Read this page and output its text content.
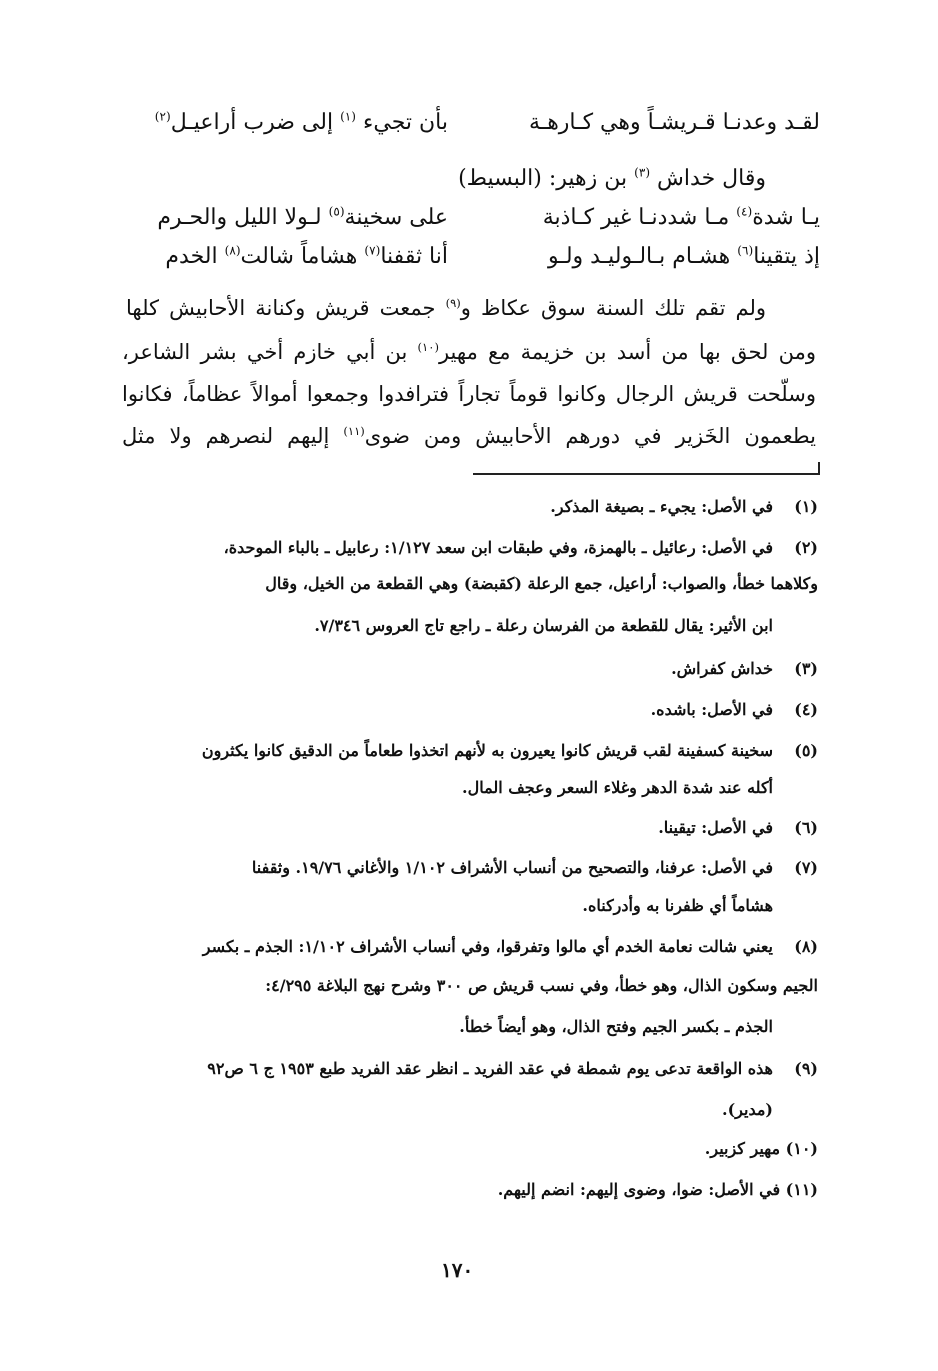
لقـد وعدنـا قـريشـاً وهي كـارهـة
بأن تجيء $^{(١)}$ إلى ضرب أراعيـل$^{(٢)}$
وقال خداش $^{(٣)}$ بن زهير: (البسيط)
يـا شدة$^{(٤)}$ مـا شددنـا غير كـاذبة
على سخينة$^{(٥)}$ لـولا الليل والحـرم
إذ يتقينا$^{(٦)}$ هشـام بـالـوليـد ولـو
أنا ثقفنا$^{(٧)}$ هشاماً شالت$^{(٨)}$ الخدم
ولم تقم تلك السنة سوق عكاظ و$^{(٩)}$ جمعت قريش وكنانة الأحابيش كلها
ومن لحق بها من أسد بن خزيمة مع مهير$^{(١٠)}$ بن أبي خازم أخي بشر الشاعر،
وسلّحت قريش الرجال وكانوا قوماً تجاراً فترافدوا وجمعوا أموالاً عظاماً، فكانوا
يطعمون الخَزير في دورهم الأحابيش ومن ضوى$^{(١١)}$ إليهم لنصرهم ولا مثل
(١)
في الأصل: يجيء ـ بصيغة المذكر.
(٢)
في الأصل: رعائيل ـ بالهمزة، وفي طبقات ابن سعد ١/١٢٧: رعابيل ـ بالباء الموحدة،
وكلاهما خطأ، والصواب: أراعيل، جمع الرعلة (كقبضة) وهي القطعة من الخيل، وقال
ابن الأثير: يقال للقطعة من الفرسان رعلة ـ راجع تاج العروس ٧/٣٤٦.
(٣)
خداش كفراش.
(٤)
في الأصل: باشده.
(٥)
سخينة كسفينة لقب قريش كانوا يعيرون به لأنهم اتخذوا طعاماً من الدقيق كانوا يكثرون
أكله عند شدة الدهر وغلاء السعر وعجف المال.
(٦)
في الأصل: تيقينا.
(٧)
في الأصل: عرفنا، والتصحيح من أنساب الأشراف ١/١٠٢ والأغاني ١٩/٧٦. وثقفنا
هشاماً أي ظفرنا به وأدركناه.
(٨)
يعني شالت نعامة الخدم أي مالوا وتفرقوا، وفي أنساب الأشراف ١/١٠٢: الجذم ـ بكسر
الجيم وسكون الذال، وهو خطأ، وفي نسب قريش ص ٣٠٠ وشرح نهج البلاغة ٤/٢٩٥:
الجذم ـ بكسر الجيم وفتح الذال، وهو أيضاً خطأ.
(٩)
هذه الواقعة تدعى يوم شمطة في عقد الفريد ـ انظر عقد الفريد طبع ١٩٥٣ ج ٦ ص٩٢
(مدير).
(١٠) مهير كزبير.
(١١) في الأصل: ضوا، وضوى إليهم: انضم إليهم.
١٧٠
